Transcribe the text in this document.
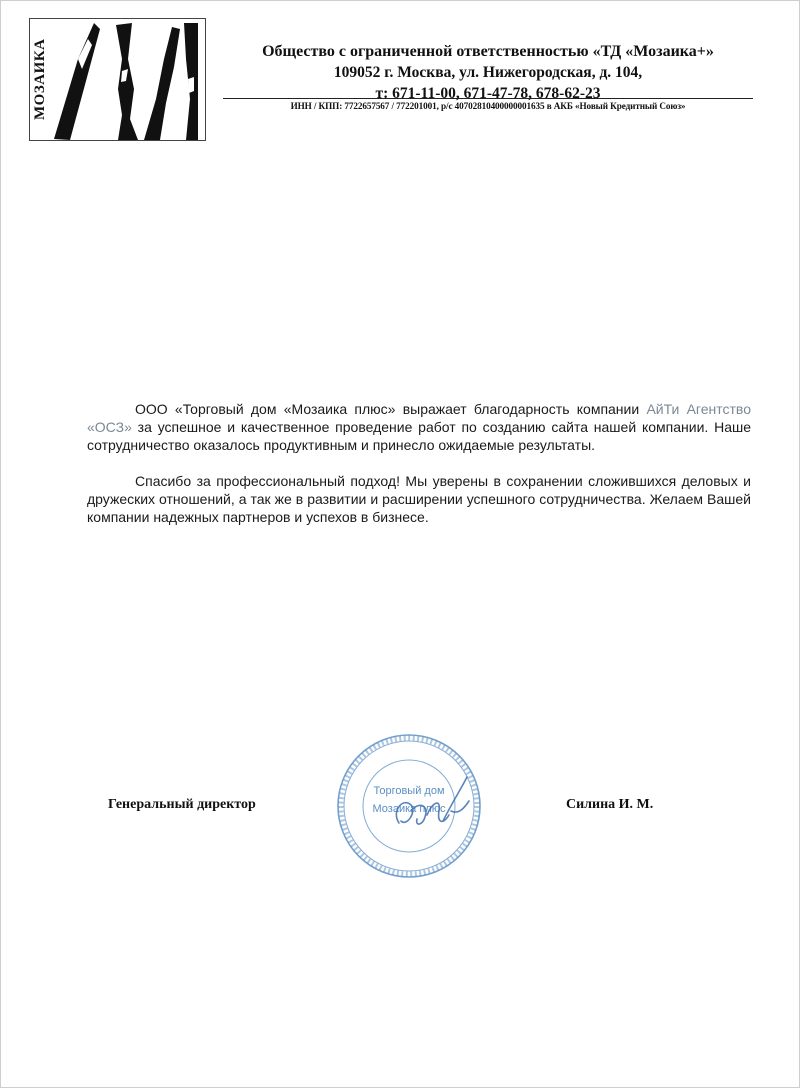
МОЗАИКА	Общество с ограниченной ответственностью «ТД «Мозаика+»
109052 г. Москва, ул. Нижегородская, д. 104,
т: 671-11-00, 671-47-78, 678-62-23
ИНН / КПП: 7722657567 / 772201001, р/с 40702810400000001635 в АКБ «Новый Кредитный Союз»

ООО «Торговый дом «Мозаика плюс» выражает благодарность компании АйТи Агентство «ОСЗ» за успешное и качественное проведение работ по созданию сайта нашей компании. Наше сотрудничество оказалось продуктивным и принесло ожидаемые результаты.

Спасибо за профессиональный подход! Мы уверены в сохранении сложившихся деловых и дружеских отношений, а так же в развитии и расширении успешного сотрудничества. Желаем Вашей компании надежных партнеров и успехов в бизнесе.

Генеральный директор
Торговый дом
Мозаика плюс	Силина И. М.
